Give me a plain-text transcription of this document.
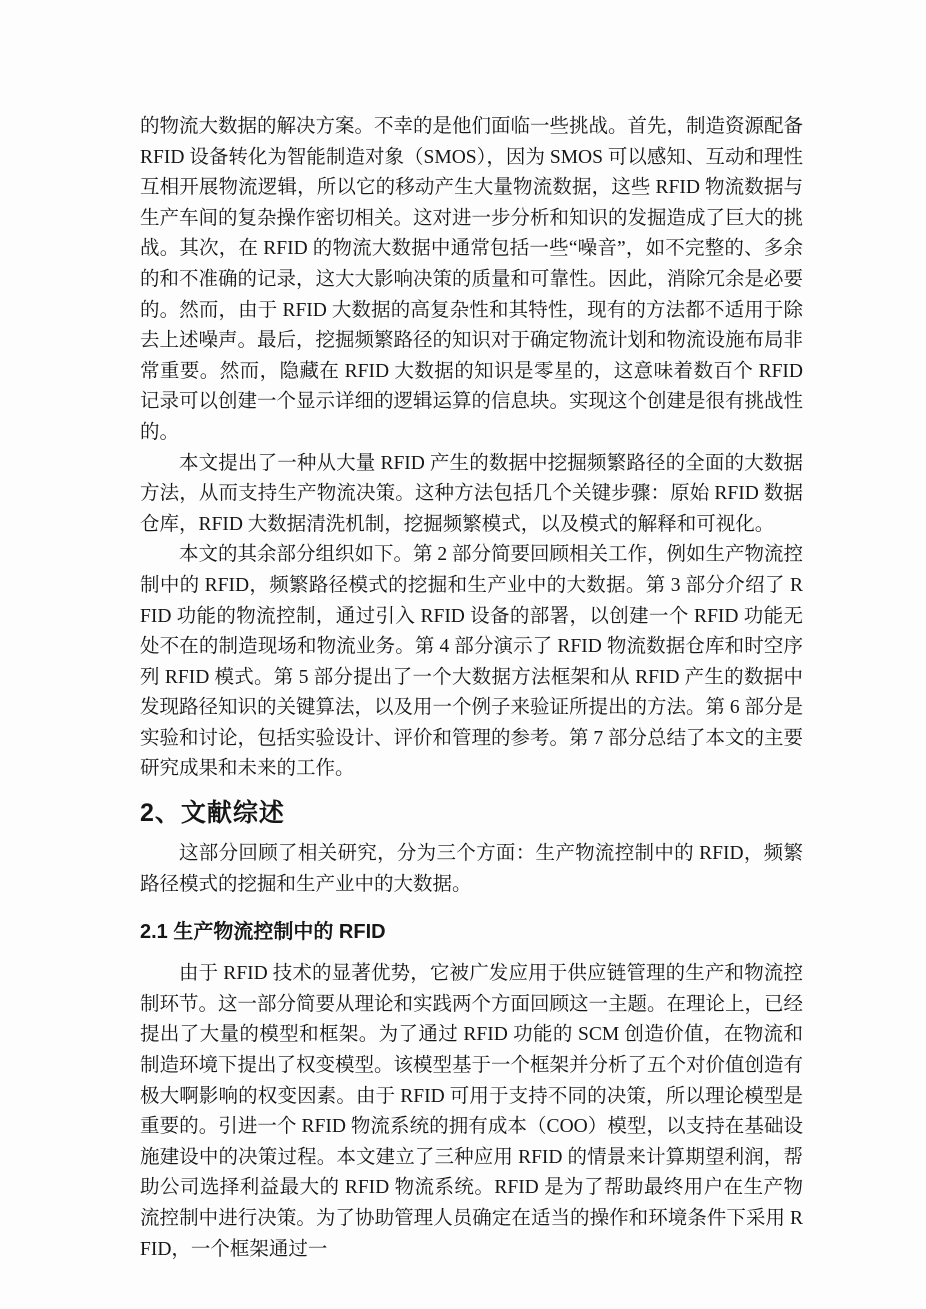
的物流大数据的解决方案。不幸的是他们面临一些挑战。首先，制造资源配备 RFID 设备转化为智能制造对象（SMOS），因为 SMOS 可以感知、互动和理性互相开展物流逻辑，所以它的移动产生大量物流数据，这些 RFID 物流数据与生产车间的复杂操作密切相关。这对进一步分析和知识的发掘造成了巨大的挑战。其次，在 RFID 的物流大数据中通常包括一些“噪音”，如不完整的、多余的和不准确的记录，这大大影响决策的质量和可靠性。因此，消除冗余是必要的。然而，由于 RFID 大数据的高复杂性和其特性，现有的方法都不适用于除去上述噪声。最后，挖掘频繁路径的知识对于确定物流计划和物流设施布局非常重要。然而，隐藏在 RFID 大数据的知识是零星的，这意味着数百个 RFID 记录可以创建一个显示详细的逻辑运算的信息块。实现这个创建是很有挑战性的。

本文提出了一种从大量 RFID 产生的数据中挖掘频繁路径的全面的大数据方法，从而支持生产物流决策。这种方法包括几个关键步骤：原始 RFID 数据仓库，RFID 大数据清洗机制，挖掘频繁模式，以及模式的解释和可视化。

本文的其余部分组织如下。第 2 部分简要回顾相关工作，例如生产物流控制中的 RFID，频繁路径模式的挖掘和生产业中的大数据。第 3 部分介绍了 RFID 功能的物流控制，通过引入 RFID 设备的部署，以创建一个 RFID 功能无处不在的制造现场和物流业务。第 4 部分演示了 RFID 物流数据仓库和时空序列 RFID 模式。第 5 部分提出了一个大数据方法框架和从 RFID 产生的数据中发现路径知识的关键算法，以及用一个例子来验证所提出的方法。第 6 部分是实验和讨论，包括实验设计、评价和管理的参考。第 7 部分总结了本文的主要研究成果和未来的工作。

2、文献综述

这部分回顾了相关研究，分为三个方面：生产物流控制中的 RFID，频繁路径模式的挖掘和生产业中的大数据。

2.1 生产物流控制中的 RFID

由于 RFID 技术的显著优势，它被广发应用于供应链管理的生产和物流控制环节。这一部分简要从理论和实践两个方面回顾这一主题。在理论上，已经提出了大量的模型和框架。为了通过 RFID 功能的 SCM 创造价值，在物流和制造环境下提出了权变模型。该模型基于一个框架并分析了五个对价值创造有极大啊影响的权变因素。由于 RFID 可用于支持不同的决策，所以理论模型是重要的。引进一个 RFID 物流系统的拥有成本（COO）模型，以支持在基础设施建设中的决策过程。本文建立了三种应用 RFID 的情景来计算期望利润，帮助公司选择利益最大的 RFID 物流系统。RFID 是为了帮助最终用户在生产物流控制中进行决策。为了协助管理人员确定在适当的操作和环境条件下采用 RFID，一个框架通过一
